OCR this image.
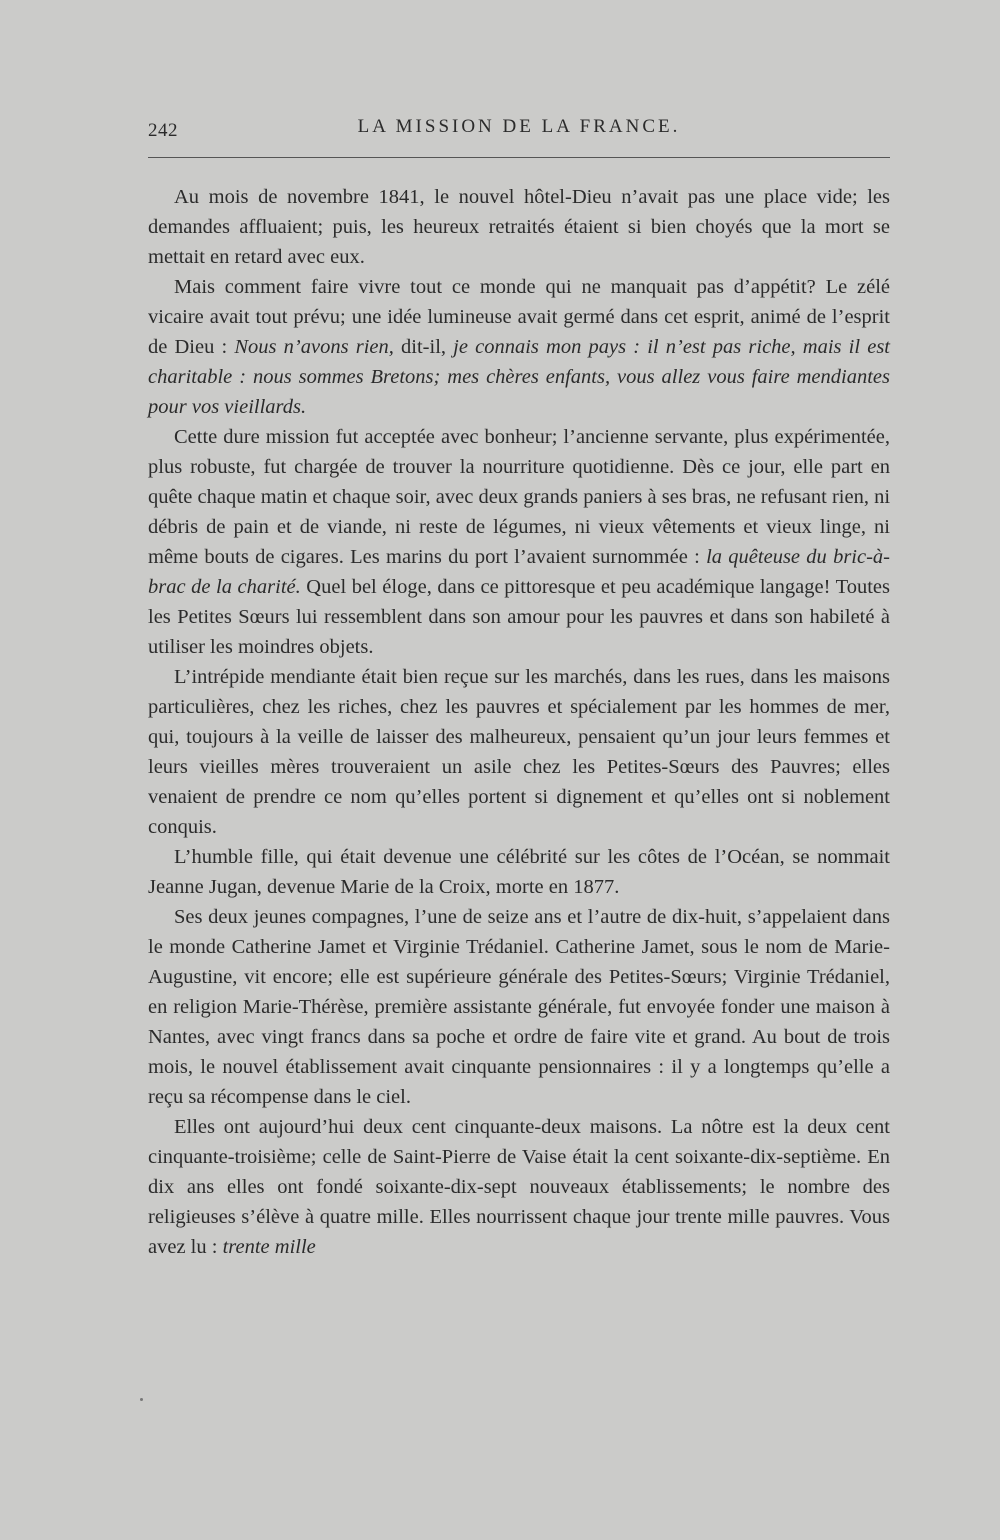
242	LA MISSION DE LA FRANCE.

Au mois de novembre 1841, le nouvel hôtel-Dieu n’avait pas une place vide; les demandes affluaient; puis, les heureux retraités étaient si bien choyés que la mort se mettait en retard avec eux.

Mais comment faire vivre tout ce monde qui ne manquait pas d’appétit? Le zélé vicaire avait tout prévu; une idée lumineuse avait germé dans cet esprit, animé de l’esprit de Dieu : Nous n’avons rien, dit-il, je connais mon pays : il n’est pas riche, mais il est charitable : nous sommes Bretons; mes chères enfants, vous allez vous faire mendiantes pour vos vieillards.

Cette dure mission fut acceptée avec bonheur; l’ancienne servante, plus expérimentée, plus robuste, fut chargée de trouver la nourriture quotidienne. Dès ce jour, elle part en quête chaque matin et chaque soir, avec deux grands paniers à ses bras, ne refusant rien, ni débris de pain et de viande, ni reste de légumes, ni vieux vêtements et vieux linge, ni même bouts de cigares. Les marins du port l’avaient surnommée : la quêteuse du bric-à-brac de la charité. Quel bel éloge, dans ce pittoresque et peu académique langage! Toutes les Petites Sœurs lui ressemblent dans son amour pour les pauvres et dans son habileté à utiliser les moindres objets.

L’intrépide mendiante était bien reçue sur les marchés, dans les rues, dans les maisons particulières, chez les riches, chez les pauvres et spécialement par les hommes de mer, qui, toujours à la veille de laisser des malheureux, pensaient qu’un jour leurs femmes et leurs vieilles mères trouveraient un asile chez les Petites-Sœurs des Pauvres; elles venaient de prendre ce nom qu’elles portent si dignement et qu’elles ont si noblement conquis.

L’humble fille, qui était devenue une célébrité sur les côtes de l’Océan, se nommait Jeanne Jugan, devenue Marie de la Croix, morte en 1877.

Ses deux jeunes compagnes, l’une de seize ans et l’autre de dix-huit, s’appelaient dans le monde Catherine Jamet et Virginie Trédaniel. Catherine Jamet, sous le nom de Marie-Augustine, vit encore; elle est supérieure générale des Petites-Sœurs; Virginie Trédaniel, en religion Marie-Thérèse, première assistante générale, fut envoyée fonder une maison à Nantes, avec vingt francs dans sa poche et ordre de faire vite et grand. Au bout de trois mois, le nouvel établissement avait cinquante pensionnaires : il y a longtemps qu’elle a reçu sa récompense dans le ciel.

Elles ont aujourd’hui deux cent cinquante-deux maisons. La nôtre est la deux cent cinquante-troisième; celle de Saint-Pierre de Vaise était la cent soixante-dix-septième. En dix ans elles ont fondé soixante-dix-sept nouveaux établissements; le nombre des religieuses s’élève à quatre mille. Elles nourrissent chaque jour trente mille pauvres. Vous avez lu : trente mille
